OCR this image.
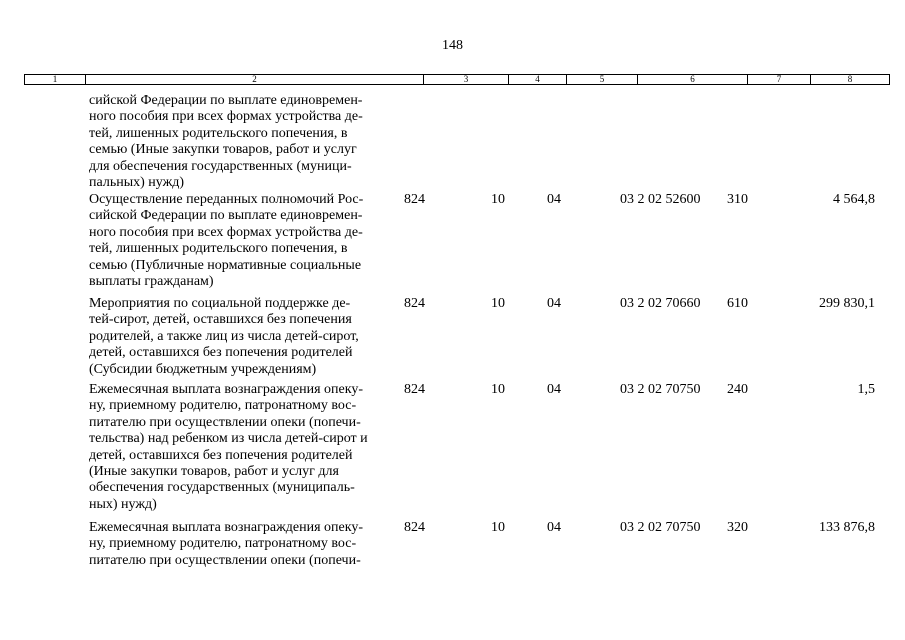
148
1	2	3	4	5	6	7	8
сийской Федерации по выплате единовремен-
ного пособия при всех формах устройства де-
тей, лишенных родительского попечения, в
семью (Иные закупки товаров, работ и услуг
для обеспечения государственных (муници-
пальных) нужд)
Осуществление переданных полномочий Рос-
сийской Федерации по выплате единовремен-
ного пособия при всех формах устройства де-
тей, лишенных родительского попечения, в
семью (Публичные нормативные социальные
выплаты гражданам)
824	10	04	03 2 02 52600 310	4 564,8
Мероприятия по социальной поддержке де-
тей-сирот, детей, оставшихся без попечения
родителей, а также лиц из числа детей-сирот,
детей, оставшихся без попечения родителей
(Субсидии бюджетным учреждениям)
824	10	04	03 2 02 70660 610	299 830,1
Ежемесячная выплата вознаграждения опеку-
ну, приемному родителю, патронатному вос-
питателю при осуществлении опеки (попечи-
тельства) над ребенком из числа детей-сирот и
детей, оставшихся без попечения родителей
(Иные закупки товаров, работ и услуг для
обеспечения государственных (муниципаль-
ных) нужд)
824	10	04	03 2 02 70750 240	1,5
Ежемесячная выплата вознаграждения опеку-
ну, приемному родителю, патронатному вос-
питателю при осуществлении опеки (попечи-
824	10	04	03 2 02 70750 320	133 876,8
